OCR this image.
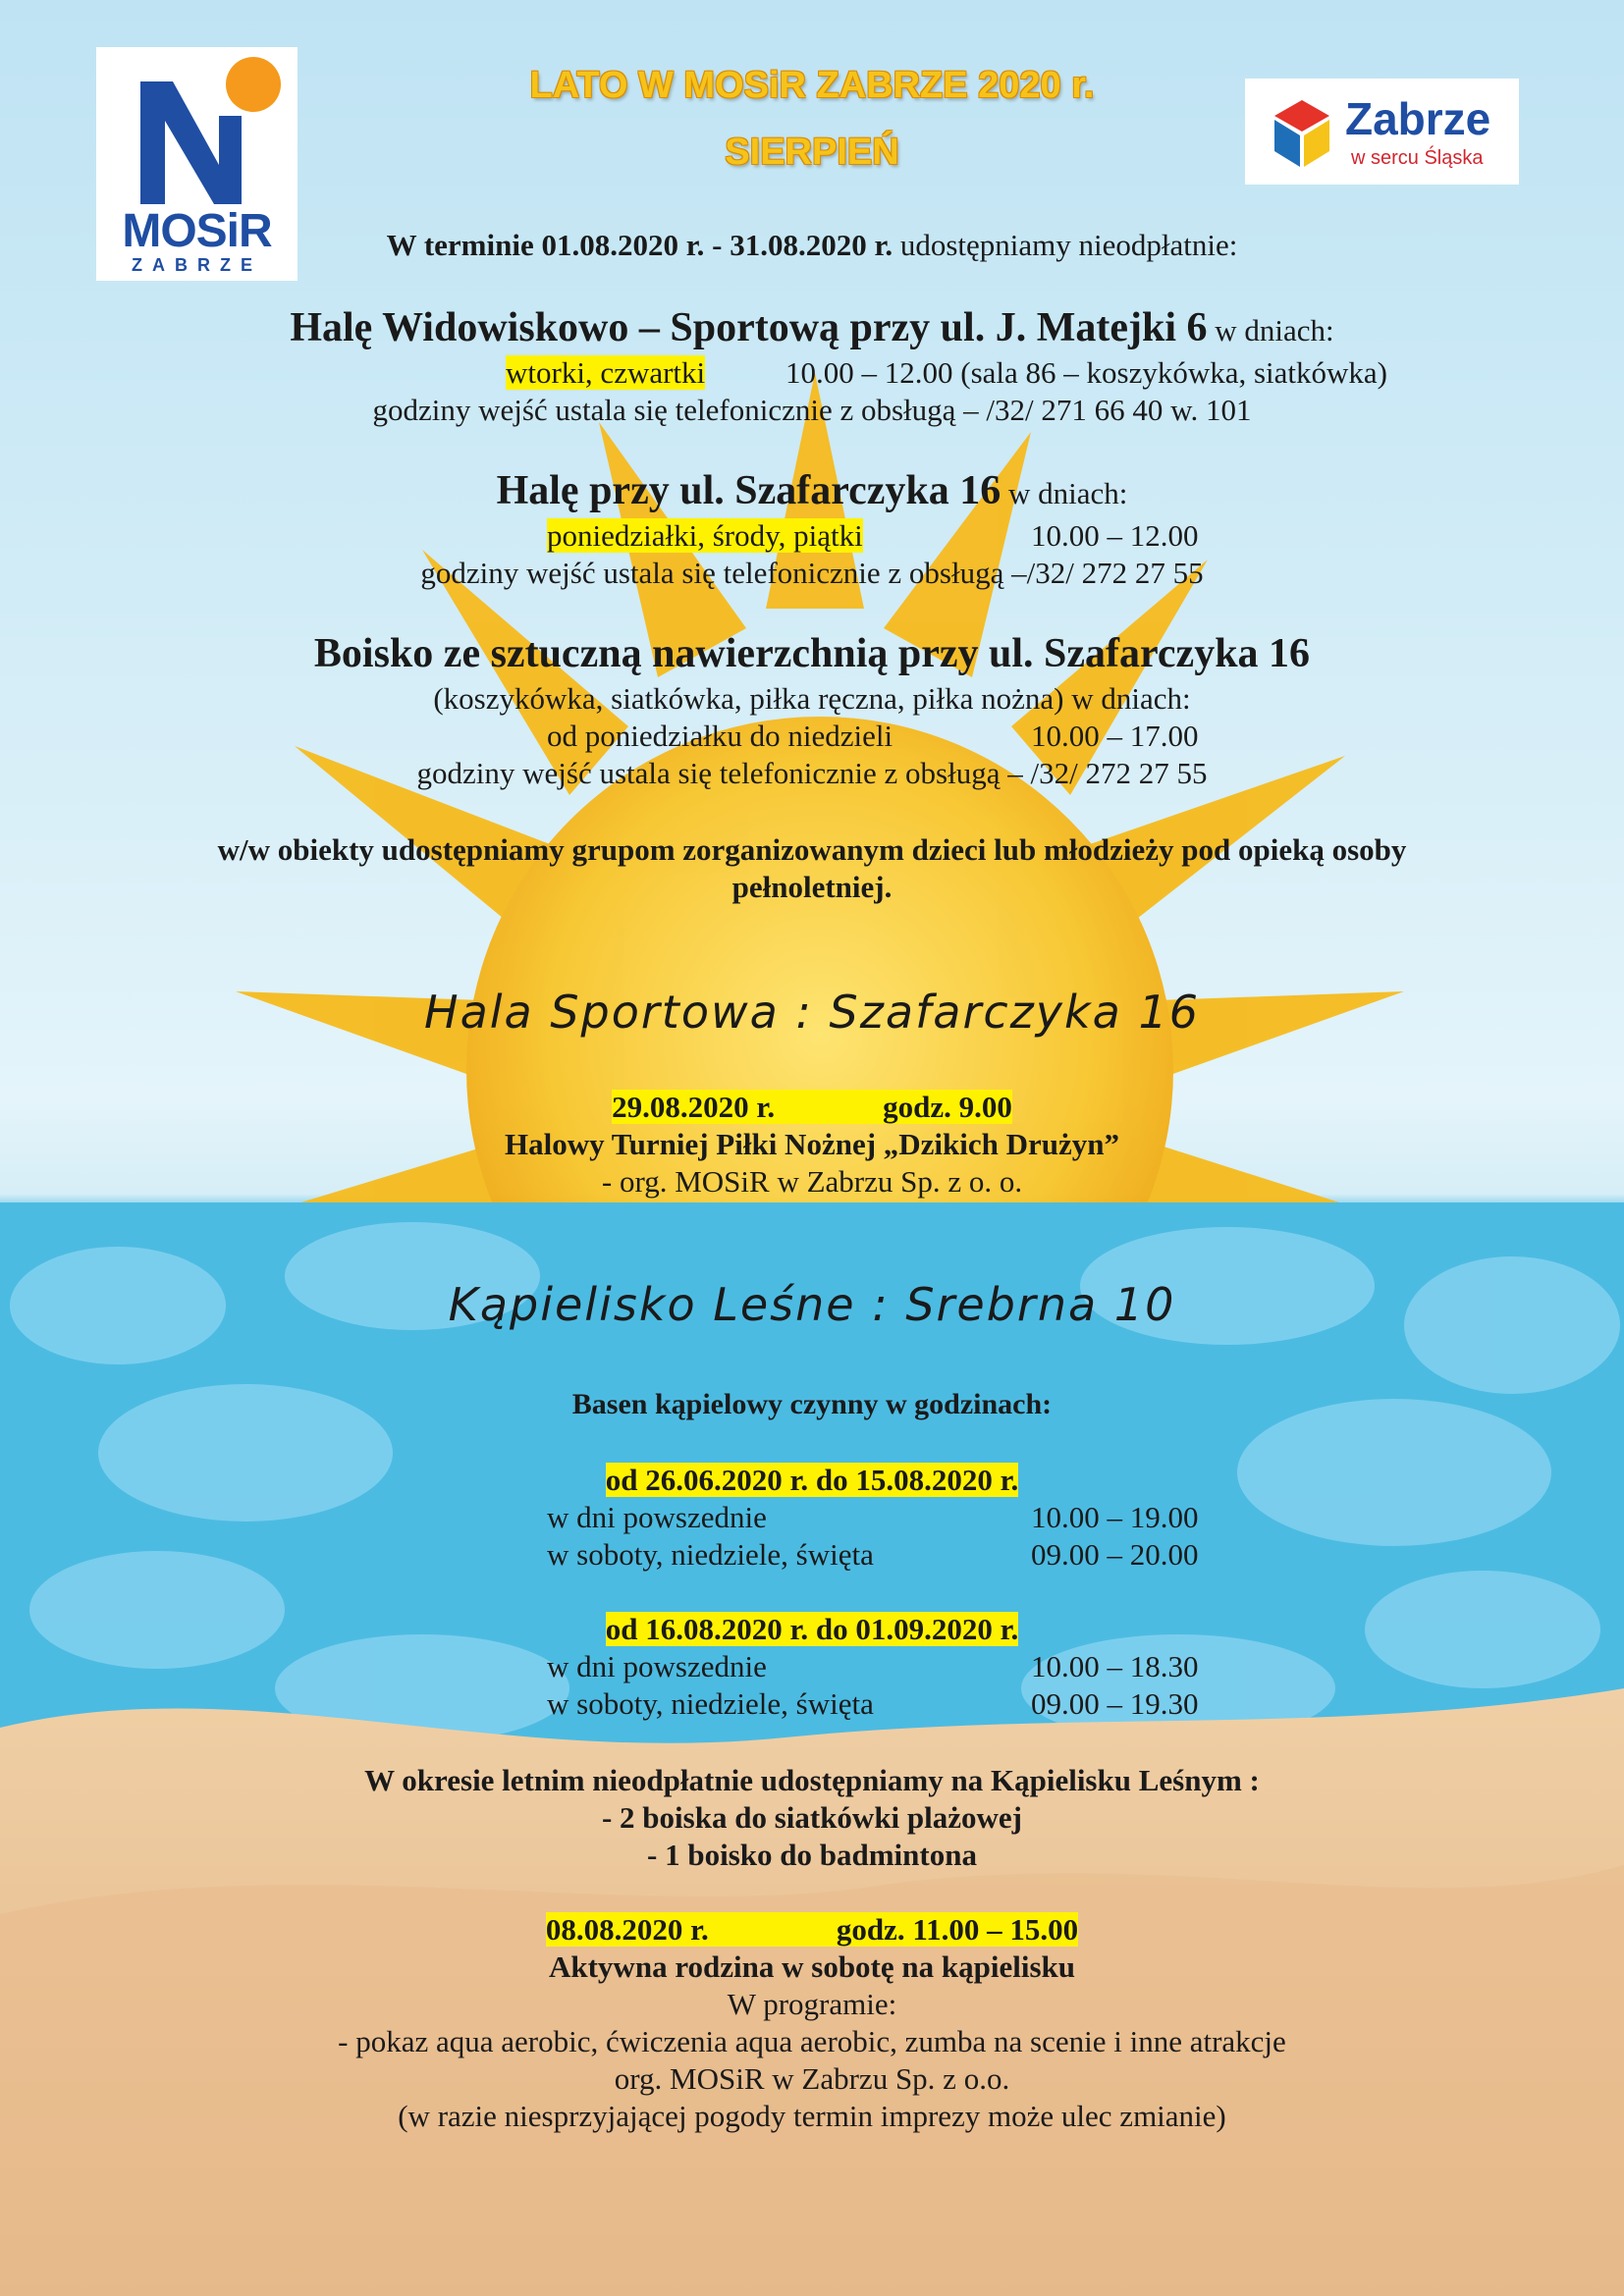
MOSiR
ZABRZE
Zabrze
w sercu Śląska
LATO W MOSiR ZABRZE 2020 r.
SIERPIEŃ
W terminie 01.08.2020 r. - 31.08.2020 r. udostępniamy nieodpłatnie:
Halę Widowiskowo – Sportową przy ul. J. Matejki 6 w dniach:
wtorki, czwartki	10.00 – 12.00 (sala 86 – koszykówka, siatkówka)
godziny wejść ustala się telefonicznie z obsługą – /32/ 271 66 40 w. 101
Halę przy ul. Szafarczyka 16 w dniach:
poniedziałki, środy, piątki	10.00 – 12.00
godziny wejść ustala się telefonicznie z obsługą –/32/ 272 27 55
Boisko ze sztuczną nawierzchnią przy ul. Szafarczyka 16
(koszykówka, siatkówka, piłka ręczna, piłka nożna) w dniach:
od poniedziałku do niedzieli	10.00 – 17.00
godziny wejść ustala się telefonicznie z obsługą – /32/ 272 27 55
w/w obiekty udostępniamy grupom zorganizowanym dzieci lub młodzieży pod opieką osoby
pełnoletniej.
Hala Sportowa : Szafarczyka 16
29.08.2020 r.	godz. 9.00
Halowy Turniej Piłki Nożnej „Dzikich Drużyn”
- org. MOSiR w Zabrzu Sp. z o. o.
Kąpielisko Leśne : Srebrna 10
Basen kąpielowy czynny w godzinach:
od 26.06.2020 r. do 15.08.2020 r.
w dni powszednie	10.00 – 19.00
w soboty, niedziele, święta	09.00 – 20.00
od 16.08.2020 r. do 01.09.2020 r.
w dni powszednie	10.00 – 18.30
w soboty, niedziele, święta	09.00 – 19.30
W okresie letnim nieodpłatnie udostępniamy na Kąpielisku Leśnym :
- 2 boiska do siatkówki plażowej
- 1 boisko do badmintona
08.08.2020 r.	godz. 11.00 – 15.00
Aktywna rodzina w sobotę na kąpielisku
W programie:
- pokaz aqua aerobic, ćwiczenia aqua aerobic, zumba na scenie i inne atrakcje
org. MOSiR w Zabrzu Sp. z o.o.
(w razie niesprzyjającej pogody termin imprezy może ulec zmianie)
